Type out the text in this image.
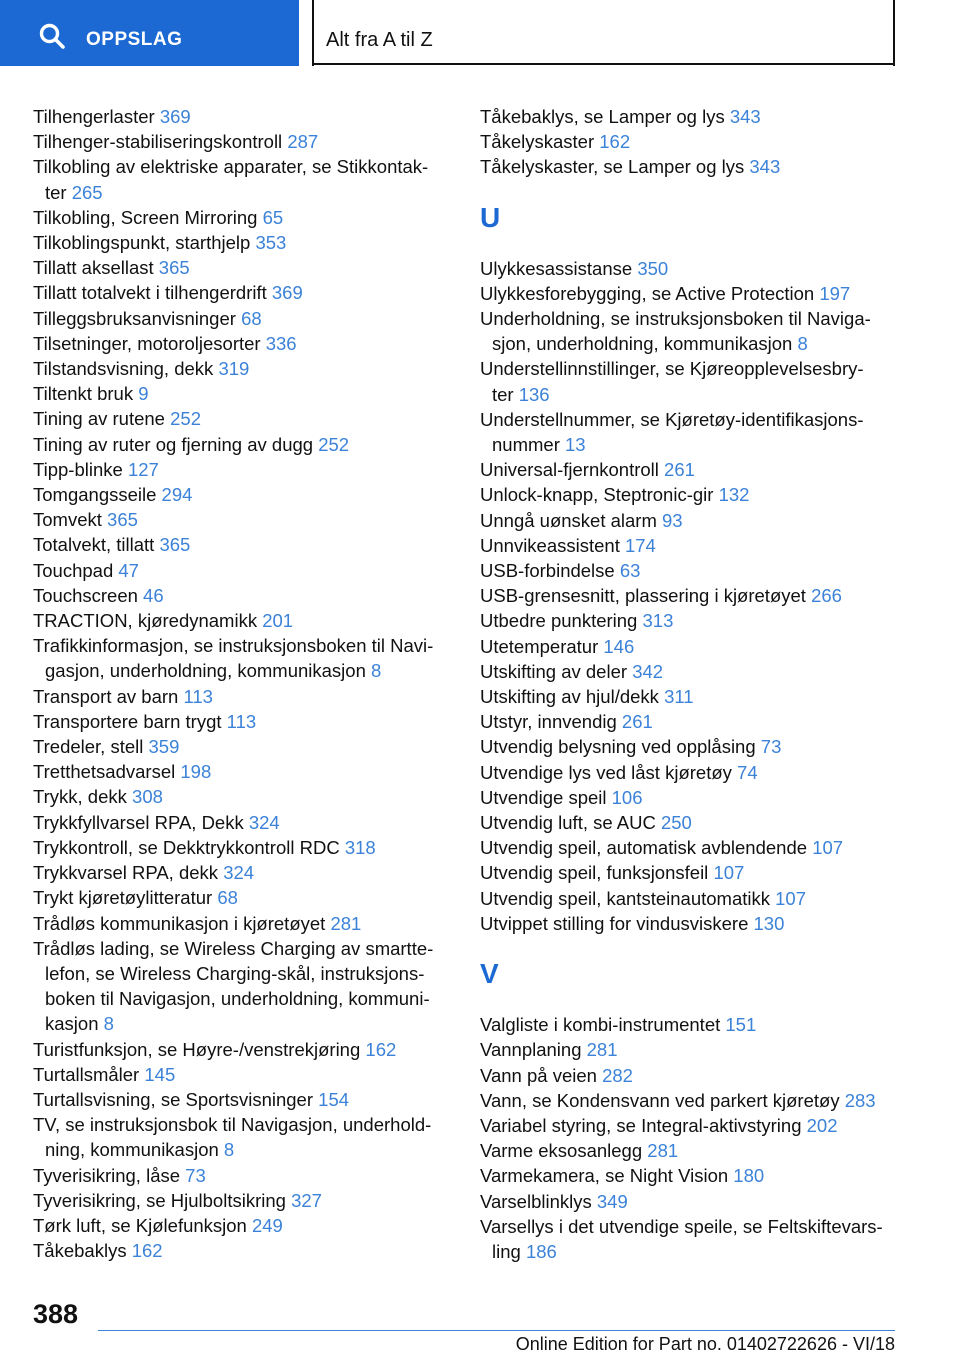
OPPSLAG	Alt fra A til Z
Tilhengerlaster 369
Tilhenger-stabiliseringskontroll 287
Tilkobling av elektriske apparater, se Stikkontak-
ter 265
Tilkobling, Screen Mirroring 65
Tilkoblingspunkt, starthjelp 353
Tillatt aksellast 365
Tillatt totalvekt i tilhengerdrift 369
Tilleggsbruksanvisninger 68
Tilsetninger, motoroljesorter 336
Tilstandsvisning, dekk 319
Tiltenkt bruk 9
Tining av rutene 252
Tining av ruter og fjerning av dugg 252
Tipp-blinke 127
Tomgangsseile 294
Tomvekt 365
Totalvekt, tillatt 365
Touchpad 47
Touchscreen 46
TRACTION, kjøredynamikk 201
Trafikkinformasjon, se instruksjonsboken til Navi-
gasjon, underholdning, kommunikasjon 8
Transport av barn 113
Transportere barn trygt 113
Tredeler, stell 359
Tretthetsadvarsel 198
Trykk, dekk 308
Trykkfyllvarsel RPA, Dekk 324
Trykkontroll, se Dekktrykkontroll RDC 318
Trykkvarsel RPA, dekk 324
Trykt kjøretøylitteratur 68
Trådløs kommunikasjon i kjøretøyet 281
Trådløs lading, se Wireless Charging av smartte-
lefon, se Wireless Charging-skål, instruksjons-
boken til Navigasjon, underholdning, kommuni-
kasjon 8
Turistfunksjon, se Høyre-/venstrekjøring 162
Turtallsmåler 145
Turtallsvisning, se Sportsvisninger 154
TV, se instruksjonsbok til Navigasjon, underhold-
ning, kommunikasjon 8
Tyverisikring, låse 73
Tyverisikring, se Hjulboltsikring 327
Tørk luft, se Kjølefunksjon 249
Tåkebaklys 162
Tåkebaklys, se Lamper og lys 343
Tåkelyskaster 162
Tåkelyskaster, se Lamper og lys 343
U
Ulykkesassistanse 350
Ulykkesforebygging, se Active Protection 197
Underholdning, se instruksjonsboken til Naviga-
sjon, underholdning, kommunikasjon 8
Understellinnstillinger, se Kjøreopplevelsesbry-
ter 136
Understellnummer, se Kjøretøy-identifikasjons-
nummer 13
Universal-fjernkontroll 261
Unlock-knapp, Steptronic-gir 132
Unngå uønsket alarm 93
Unnvikeassistent 174
USB-forbindelse 63
USB-grensesnitt, plassering i kjøretøyet 266
Utbedre punktering 313
Utetemperatur 146
Utskifting av deler 342
Utskifting av hjul/dekk 311
Utstyr, innvendig 261
Utvendig belysning ved opplåsing 73
Utvendige lys ved låst kjøretøy 74
Utvendige speil 106
Utvendig luft, se AUC 250
Utvendig speil, automatisk avblendende 107
Utvendig speil, funksjonsfeil 107
Utvendig speil, kantsteinautomatikk 107
Utvippet stilling for vindusviskere 130
V
Valgliste i kombi-instrumentet 151
Vannplaning 281
Vann på veien 282
Vann, se Kondensvann ved parkert kjøretøy 283
Variabel styring, se Integral-aktivstyring 202
Varme eksosanlegg 281
Varmekamera, se Night Vision 180
Varselblinklys 349
Varsellys i det utvendige speile, se Feltskiftevars-
ling 186
388
Online Edition for Part no. 01402722626 - VI/18
